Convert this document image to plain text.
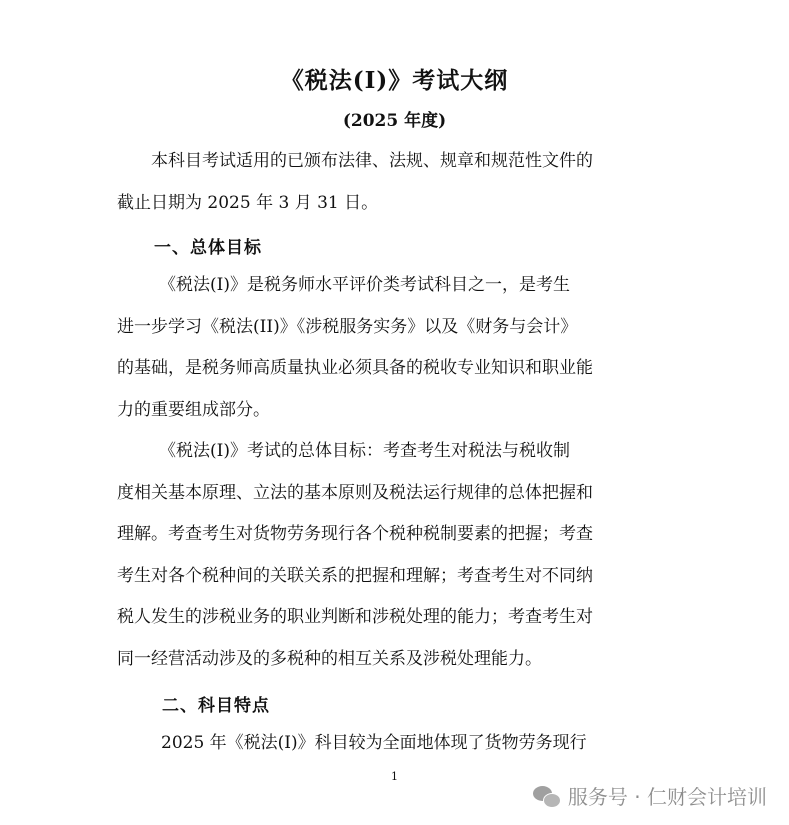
《税法(Ⅰ)》考试大纲
(2025 年度)
本科目考试适用的已颁布法律、法规、规章和规范性文件的
截止日期为 2025 年 3 月 31 日。
一、总体目标
《税法(Ⅰ)》是税务师水平评价类考试科目之一，是考生
进一步学习《税法(II)》《涉税服务实务》以及《财务与会计》
的基础，是税务师高质量执业必须具备的税收专业知识和职业能
力的重要组成部分。
《税法(Ⅰ)》考试的总体目标：考查考生对税法与税收制
度相关基本原理、立法的基本原则及税法运行规律的总体把握和
理解。考查考生对货物劳务现行各个税种税制要素的把握；考查
考生对各个税种间的关联关系的把握和理解；考查考生对不同纳
税人发生的涉税业务的职业判断和涉税处理的能力；考查考生对
同一经营活动涉及的多税种的相互关系及涉税处理能力。
二、科目特点
2025 年《税法(Ⅰ)》科目较为全面地体现了货物劳务现行
1
服务号 · 仁财会计培训
